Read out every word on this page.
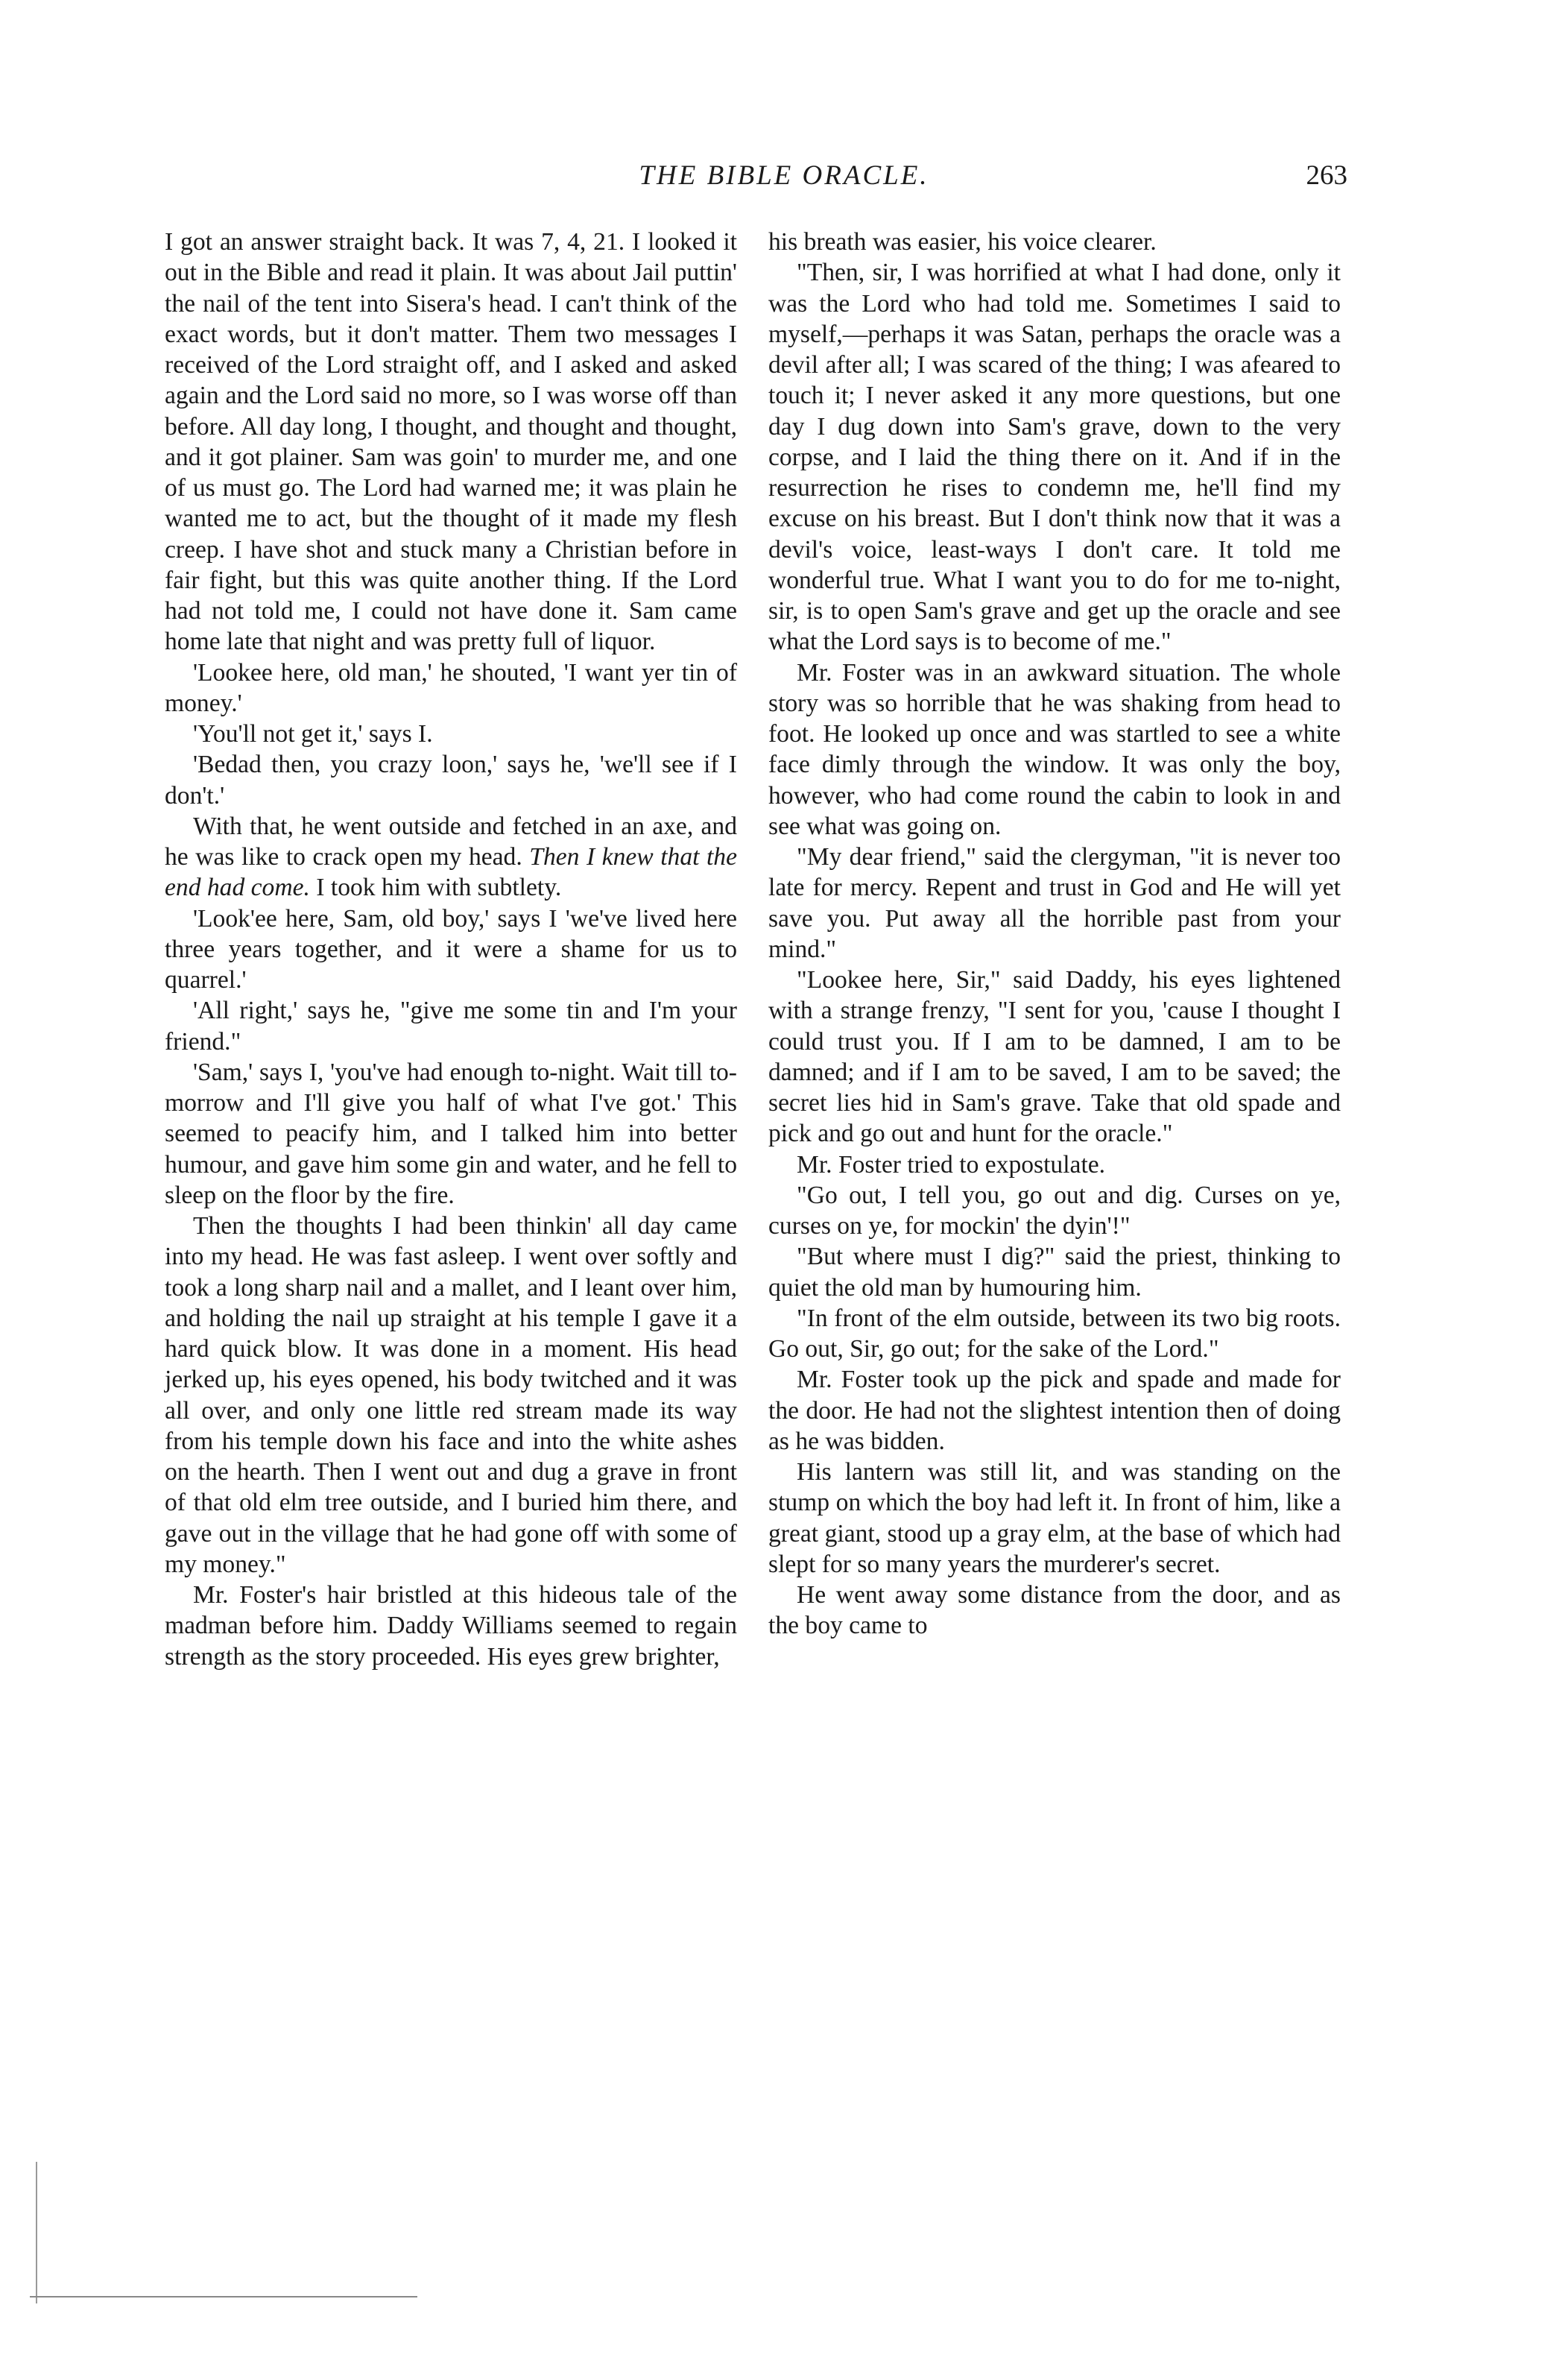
THE BIBLE ORACLE.	263

I got an answer straight back. It was 7, 4, 21. I looked it out in the Bible and read it plain. It was about Jail puttin' the nail of the tent into Sisera's head. I can't think of the exact words, but it don't matter. Them two messages I received of the Lord straight off, and I asked and asked again and the Lord said no more, so I was worse off than before. All day long, I thought, and thought and thought, and it got plainer. Sam was goin' to murder me, and one of us must go. The Lord had warned me; it was plain he wanted me to act, but the thought of it made my flesh creep. I have shot and stuck many a Christian before in fair fight, but this was quite another thing. If the Lord had not told me, I could not have done it. Sam came home late that night and was pretty full of liquor.

'Lookee here, old man,' he shouted, 'I want yer tin of money.'

'You'll not get it,' says I.

'Bedad then, you crazy loon,' says he, 'we'll see if I don't.'

With that, he went outside and fetched in an axe, and he was like to crack open my head. Then I knew that the end had come. I took him with subtlety.

'Look'ee here, Sam, old boy,' says I 'we've lived here three years together, and it were a shame for us to quarrel.'

'All right,' says he, "give me some tin and I'm your friend."

'Sam,' says I, 'you've had enough to-night. Wait till to-morrow and I'll give you half of what I've got.' This seemed to peacify him, and I talked him into better humour, and gave him some gin and water, and he fell to sleep on the floor by the fire.

Then the thoughts I had been thinkin' all day came into my head. He was fast asleep. I went over softly and took a long sharp nail and a mallet, and I leant over him, and holding the nail up straight at his temple I gave it a hard quick blow. It was done in a moment. His head jerked up, his eyes opened, his body twitched and it was all over, and only one little red stream made its way from his temple down his face and into the white ashes on the hearth. Then I went out and dug a grave in front of that old elm tree outside, and I buried him there, and gave out in the village that he had gone off with some of my money."

Mr. Foster's hair bristled at this hideous tale of the madman before him. Daddy Williams seemed to regain strength as the story proceeded. His eyes grew brighter,

his breath was easier, his voice clearer.

"Then, sir, I was horrified at what I had done, only it was the Lord who had told me. Sometimes I said to myself,—perhaps it was Satan, perhaps the oracle was a devil after all; I was scared of the thing; I was afeared to touch it; I never asked it any more questions, but one day I dug down into Sam's grave, down to the very corpse, and I laid the thing there on it. And if in the resurrection he rises to condemn me, he'll find my excuse on his breast. But I don't think now that it was a devil's voice, least-ways I don't care. It told me wonderful true. What I want you to do for me to-night, sir, is to open Sam's grave and get up the oracle and see what the Lord says is to become of me."

Mr. Foster was in an awkward situation. The whole story was so horrible that he was shaking from head to foot. He looked up once and was startled to see a white face dimly through the window. It was only the boy, however, who had come round the cabin to look in and see what was going on.

"My dear friend," said the clergyman, "it is never too late for mercy. Repent and trust in God and He will yet save you. Put away all the horrible past from your mind."

"Lookee here, Sir," said Daddy, his eyes lightened with a strange frenzy, "I sent for you, 'cause I thought I could trust you. If I am to be damned, I am to be damned; and if I am to be saved, I am to be saved; the secret lies hid in Sam's grave. Take that old spade and pick and go out and hunt for the oracle."

Mr. Foster tried to expostulate.

"Go out, I tell you, go out and dig. Curses on ye, curses on ye, for mockin' the dyin'!"

"But where must I dig?" said the priest, thinking to quiet the old man by humouring him.

"In front of the elm outside, between its two big roots. Go out, Sir, go out; for the sake of the Lord."

Mr. Foster took up the pick and spade and made for the door. He had not the slightest intention then of doing as he was bidden.

His lantern was still lit, and was standing on the stump on which the boy had left it. In front of him, like a great giant, stood up a gray elm, at the base of which had slept for so many years the murderer's secret.

He went away some distance from the door, and as the boy came to
